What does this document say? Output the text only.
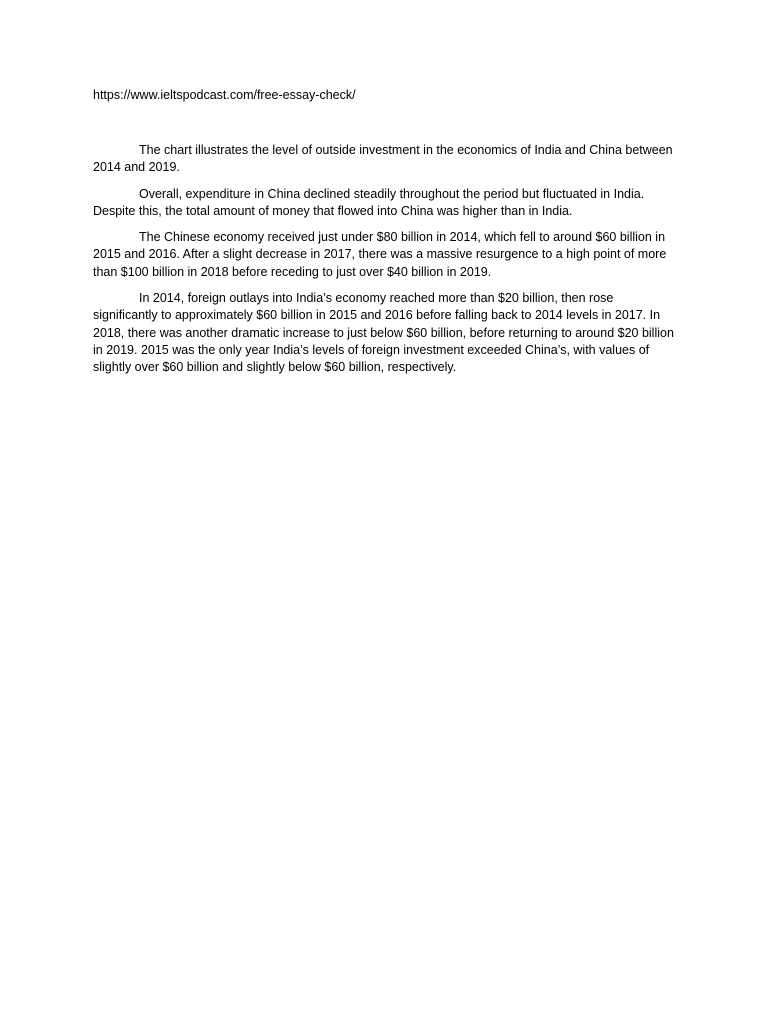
https://www.ieltspodcast.com/free-essay-check/

The chart illustrates the level of outside investment in the economics of India and China between 2014 and 2019.

Overall, expenditure in China declined steadily throughout the period but fluctuated in India. Despite this, the total amount of money that flowed into China was higher than in India.

The Chinese economy received just under $80 billion in 2014, which fell to around $60 billion in 2015 and 2016. After a slight decrease in 2017, there was a massive resurgence to a high point of more than $100 billion in 2018 before receding to just over $40 billion in 2019.

In 2014, foreign outlays into India’s economy reached more than $20 billion, then rose significantly to approximately $60 billion in 2015 and 2016 before falling back to 2014 levels in 2017. In 2018, there was another dramatic increase to just below $60 billion, before returning to around $20 billion in 2019. 2015 was the only year India’s levels of foreign investment exceeded China’s, with values of slightly over $60 billion and slightly below $60 billion, respectively.
